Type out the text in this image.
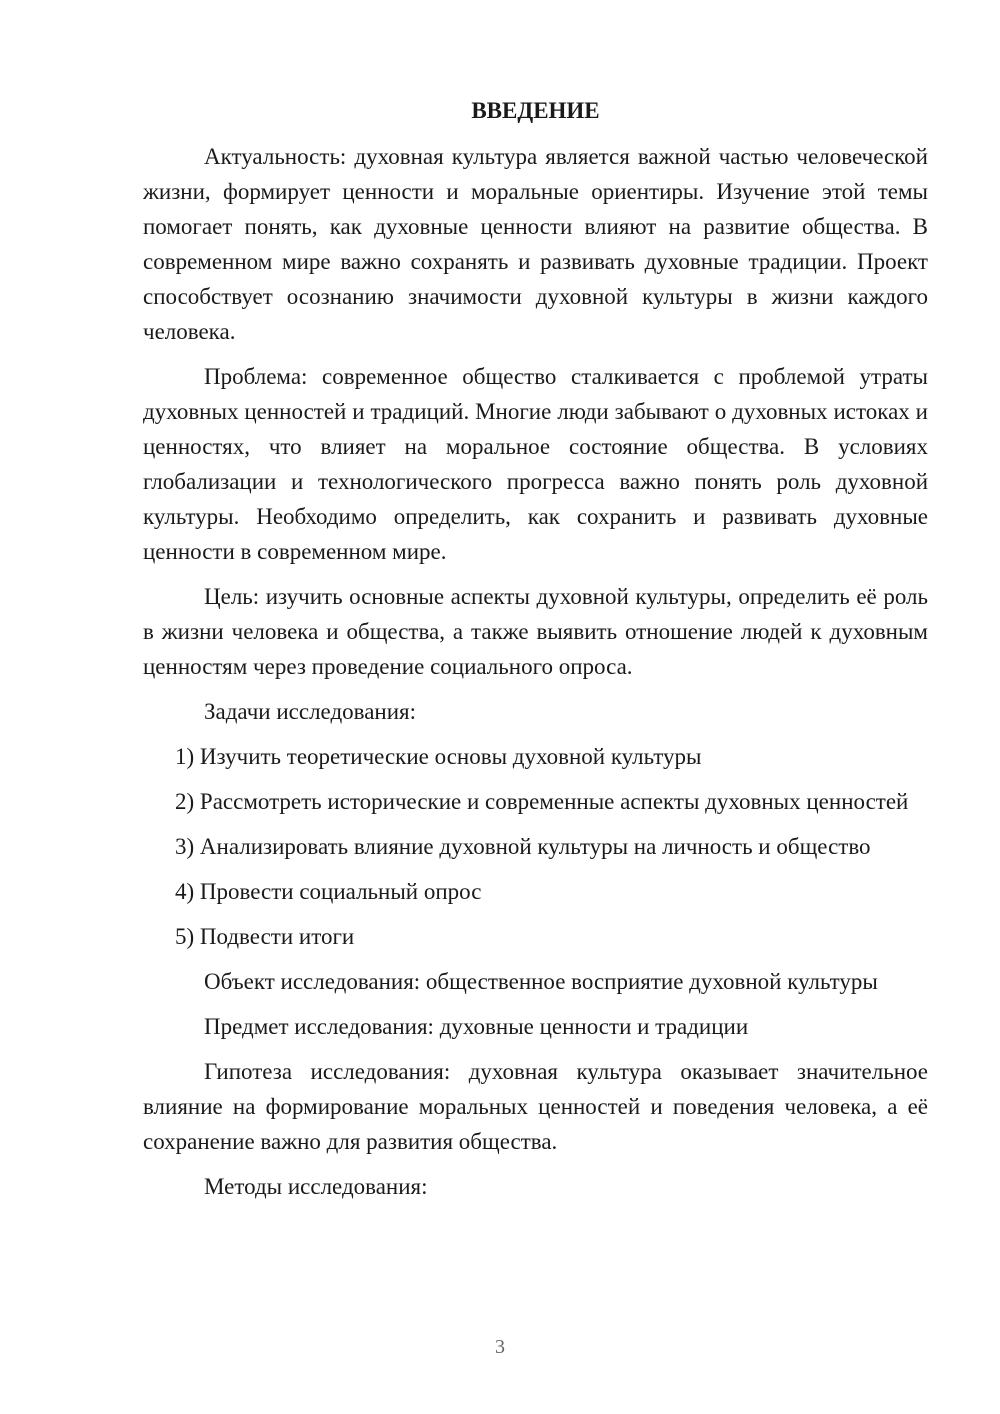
ВВЕДЕНИЕ

Актуальность: духовная культура является важной частью человеческой жизни, формирует ценности и моральные ориентиры. Изучение этой темы помогает понять, как духовные ценности влияют на развитие общества. В современном мире важно сохранять и развивать духовные традиции. Проект способствует осознанию значимости духовной культуры в жизни каждого человека.

Проблема: современное общество сталкивается с проблемой утраты духовных ценностей и традиций. Многие люди забывают о духовных истоках и ценностях, что влияет на моральное состояние общества. В условиях глобализации и технологического прогресса важно понять роль духовной культуры. Необходимо определить, как сохранить и развивать духовные ценности в современном мире.

Цель: изучить основные аспекты духовной культуры, определить её роль в жизни человека и общества, а также выявить отношение людей к духовным ценностям через проведение социального опроса.

Задачи исследования:

1) Изучить теоретические основы духовной культуры

2) Рассмотреть исторические и современные аспекты духовных ценностей

3) Анализировать влияние духовной культуры на личность и общество

4) Провести социальный опрос

5) Подвести итоги

Объект исследования: общественное восприятие духовной культуры

Предмет исследования: духовные ценности и традиции

Гипотеза исследования: духовная культура оказывает значительное влияние на формирование моральных ценностей и поведения человека, а её сохранение важно для развития общества.

Методы исследования:

3
